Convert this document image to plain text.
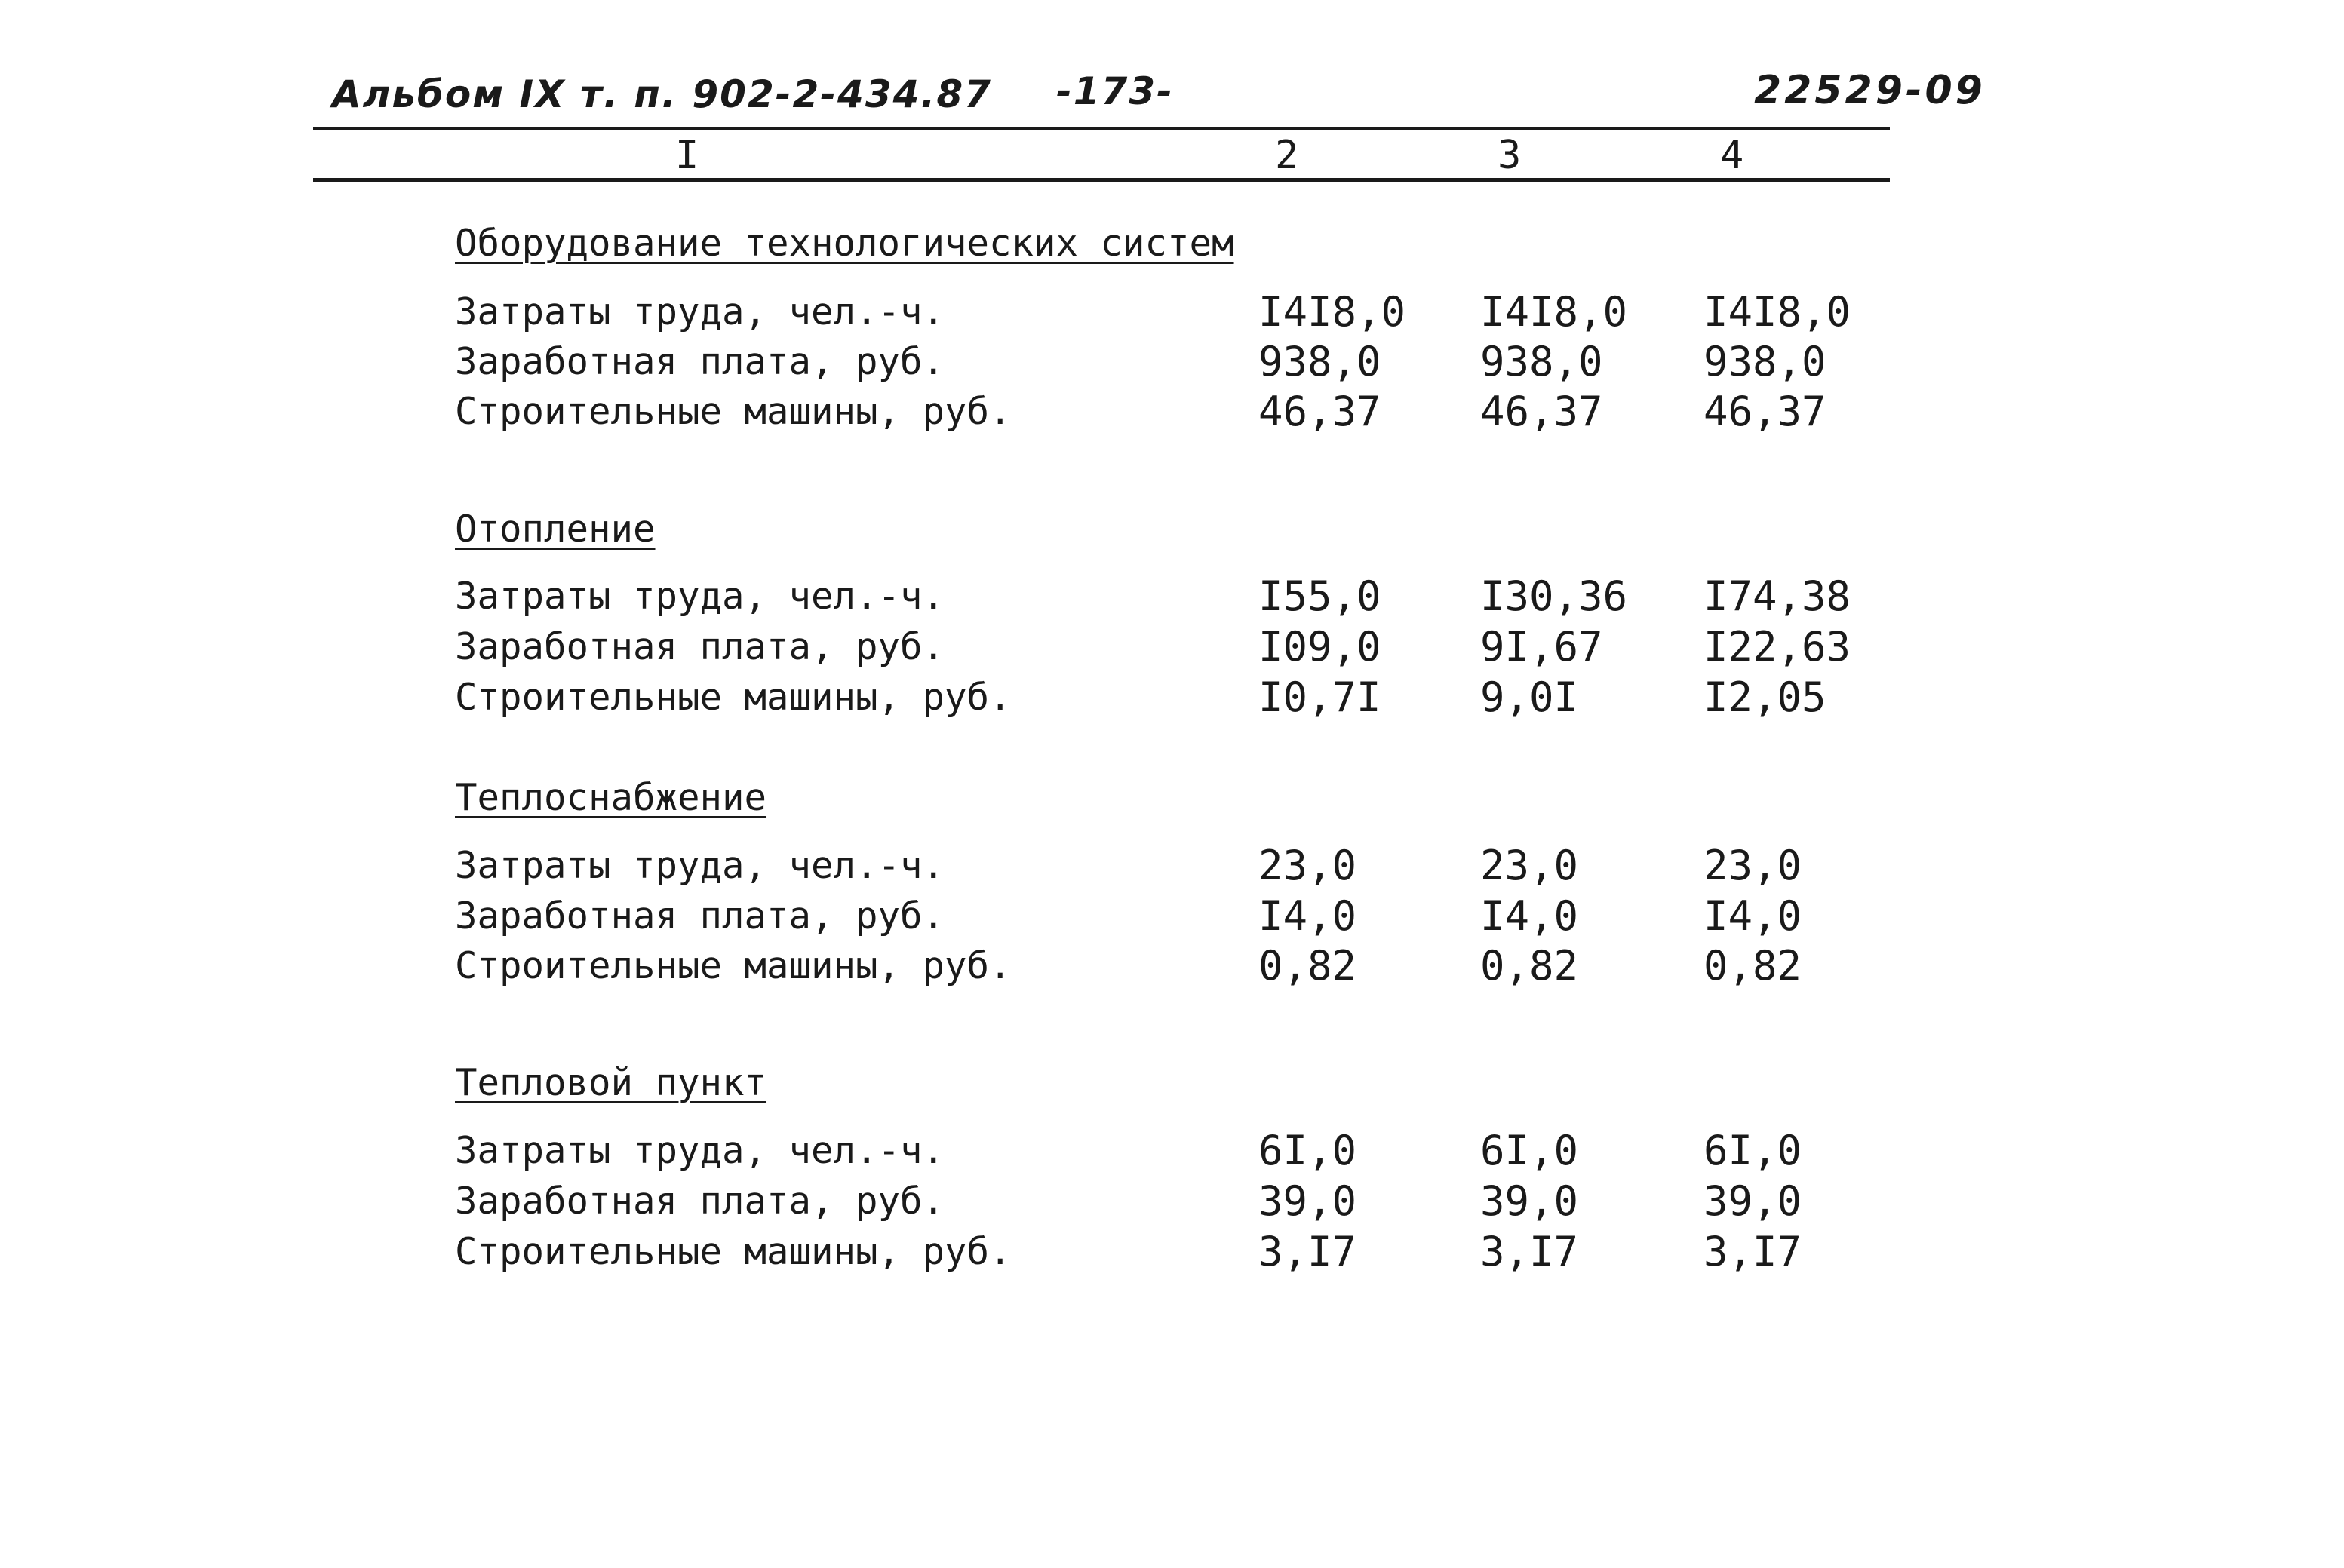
Альбом IX т. п. 902-2-434.87 -173-	22529-09
I	2	3	4
Оборудование технологических систем
Затраты труда, чел.-ч.	I4I8,0 I4I8,0 I4I8,0
Заработная плата, руб.	938,0 938,0 938,0
Строительные машины, руб.	46,37 46,37 46,37
Отопление
Затраты труда, чел.-ч.	I55,0 I30,36 I74,38
Заработная плата, руб.	I09,0 9I,67 I22,63
Строительные машины, руб.	I0,7I 9,0I	I2,05
Теплоснабжение
Затраты труда, чел.-ч.	23,0	23,0	23,0
Заработная плата, руб.	I4,0	I4,0	I4,0
Строительные машины, руб.	0,82	0,82	0,82
Тепловой пункт
Затраты труда, чел.-ч.	6I,0	6I,0	6I,0
Заработная плата, руб.	39,0	39,0	39,0
Строительные машины, руб.	3,I7	3,I7	3,I7
